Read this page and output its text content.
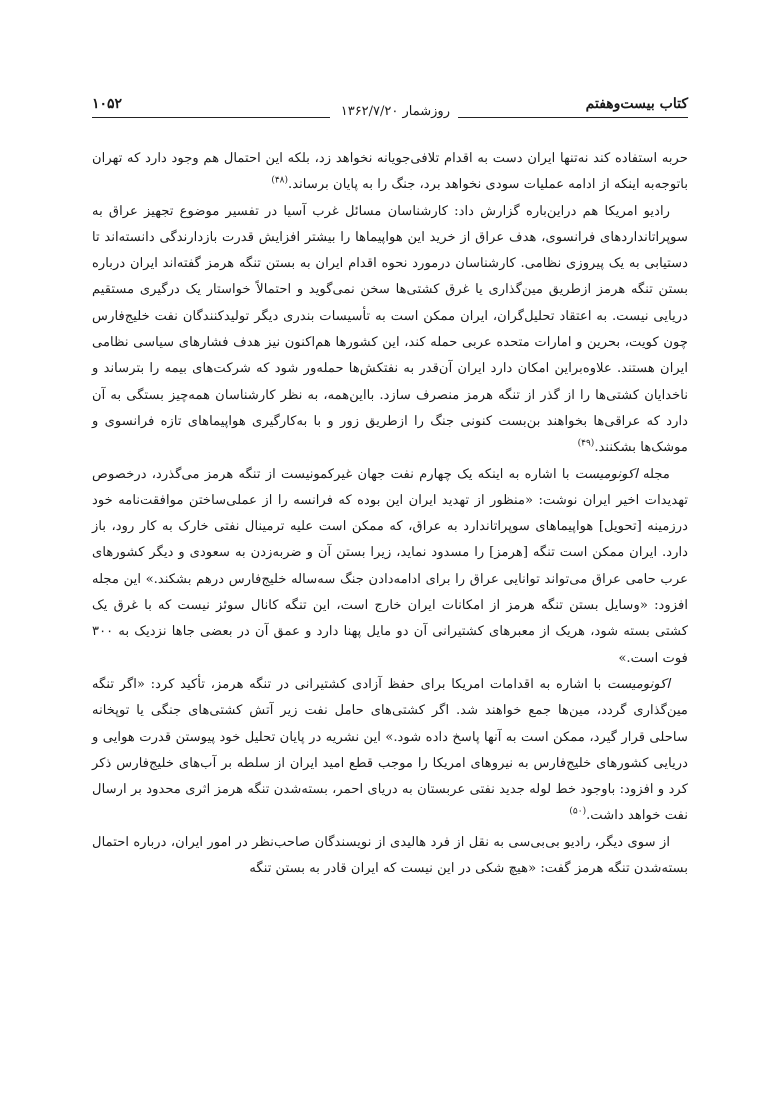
کتاب بیست‌وهفتم
روزشمار ۱۳۶۲/۷/۲۰
۱۰۵۲

حربه استفاده کند نه‌تنها ایران دست به اقدام تلافی‌جویانه نخواهد زد، بلکه این احتمال هم وجود دارد که تهران باتوجه‌به اینکه از ادامه عملیات سودی نخواهد برد، جنگ را به پایان برساند.$^{(۴۸)}$

رادیو امریکا هم دراین‌باره گزارش داد: کارشناسان مسائل غرب آسیا در تفسیر موضوع تجهیز عراق به سوپراتانداردهای فرانسوی، هدف عراق از خرید این هواپیماها را بیشتر افزایش قدرت بازدارندگی دانسته‌اند تا دستیابی به یک پیروزی نظامی. کارشناسان درمورد نحوه اقدام ایران به بستن تنگه هرمز گفته‌اند ایران درباره بستن تنگه هرمز ازطریق مین‌گذاری یا غرق کشتی‌ها سخن نمی‌گوید و احتمالاً خواستار یک درگیری مستقیم دریایی نیست. به اعتقاد تحلیل‌گران، ایران ممکن است به تأسیسات بندری دیگر تولیدکنندگان نفت خلیج‌فارس چون کویت، بحرین و امارات متحده عربی حمله کند، این کشورها هم‌اکنون نیز هدف فشارهای سیاسی نظامی ایران هستند. علاوه‌براین امکان دارد ایران آن‌قدر به نفتکش‌ها حمله‌ور شود که شرکت‌های بیمه را بترساند و ناخدایان کشتی‌ها را از گذر از تنگه هرمز منصرف سازد. بااین‌همه، به نظر کارشناسان همه‌چیز بستگی به آن دارد که عراقی‌ها بخواهند بن‌بست کنونی جنگ را ازطریق زور و با به‌کارگیری هواپیماهای تازه فرانسوی و موشک‌ها بشکنند.$^{(۴۹)}$

مجله اکونومیست با اشاره به اینکه یک چهارم نفت جهان غیرکمونیست از تنگه هرمز می‌گذرد، درخصوص تهدیدات اخیر ایران نوشت: «منظور از تهدید ایران این بوده که فرانسه را از عملی‌ساختن موافقت‌نامه خود درزمینه [تحویل] هواپیماهای سوپراتاندارد به عراق، که ممکن است علیه ترمینال نفتی خارک به کار رود، باز دارد. ایران ممکن است تنگه [هرمز] را مسدود نماید، زیرا بستن آن و ضربه‌زدن به سعودی و دیگر کشورهای عرب حامی عراق می‌تواند توانایی عراق را برای ادامه‌دادن جنگ سه‌ساله خلیج‌فارس درهم بشکند.» این مجله افزود: «وسایل بستن تنگه هرمز از امکانات ایران خارج است، این تنگه کانال سوئز نیست که با غرق یک کشتی بسته شود، هریک از معبرهای کشتیرانی آن دو مایل پهنا دارد و عمق آن در بعضی جاها نزدیک به ۳۰۰ فوت است.»

اکونومیست با اشاره به اقدامات امریکا برای حفظ آزادی کشتیرانی در تنگه هرمز، تأکید کرد: «اگر تنگه مین‌گذاری گردد، مین‌ها جمع خواهند شد. اگر کشتی‌های حامل نفت زیر آتش کشتی‌های جنگی یا توپخانه ساحلی قرار گیرد، ممکن است به آنها پاسخ داده شود.» این نشریه در پایان تحلیل خود پیوستن قدرت هوایی و دریایی کشورهای خلیج‌فارس به نیروهای امریکا را موجب قطع امید ایران از سلطه بر آب‌های خلیج‌فارس ذکر کرد و افزود: باوجود خط لوله جدید نفتی عربستان به دریای احمر، بسته‌شدن تنگه هرمز اثری محدود بر ارسال نفت خواهد داشت.$^{(۵۰)}$

از سوی دیگر، رادیو بی‌بی‌سی به نقل از فرد هالیدی از نویسندگان صاحب‌نظر در امور ایران، درباره احتمال بسته‌شدن تنگه هرمز گفت: «هیچ شکی در این نیست که ایران قادر به بستن تنگه
